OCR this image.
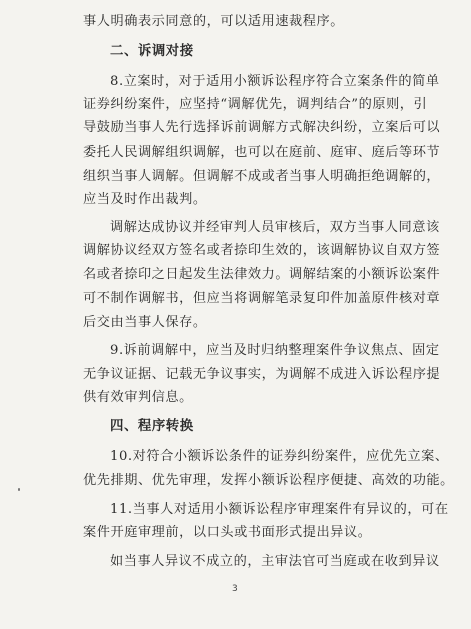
事人明确表示同意的，可以适用速裁程序。
二、诉调对接
8.立案时，对于适用小额诉讼程序符合立案条件的简单
证券纠纷案件，应坚持“调解优先，调判结合”的原则，引
导鼓励当事人先行选择诉前调解方式解决纠纷，立案后可以
委托人民调解组织调解，也可以在庭前、庭审、庭后等环节
组织当事人调解。但调解不成或者当事人明确拒绝调解的，
应当及时作出裁判。
调解达成协议并经审判人员审核后，双方当事人同意该
调解协议经双方签名或者捺印生效的，该调解协议自双方签
名或者捺印之日起发生法律效力。调解结案的小额诉讼案件
可不制作调解书，但应当将调解笔录复印件加盖原件核对章
后交由当事人保存。
9.诉前调解中，应当及时归纳整理案件争议焦点、固定
无争议证据、记载无争议事实，为调解不成进入诉讼程序提
供有效审判信息。
四、程序转换
10.对符合小额诉讼条件的证券纠纷案件，应优先立案、
优先排期、优先审理，发挥小额诉讼程序便捷、高效的功能。
11.当事人对适用小额诉讼程序审理案件有异议的，可在
案件开庭审理前，以口头或书面形式提出异议。
如当事人异议不成立的，主审法官可当庭或在收到异议
3
